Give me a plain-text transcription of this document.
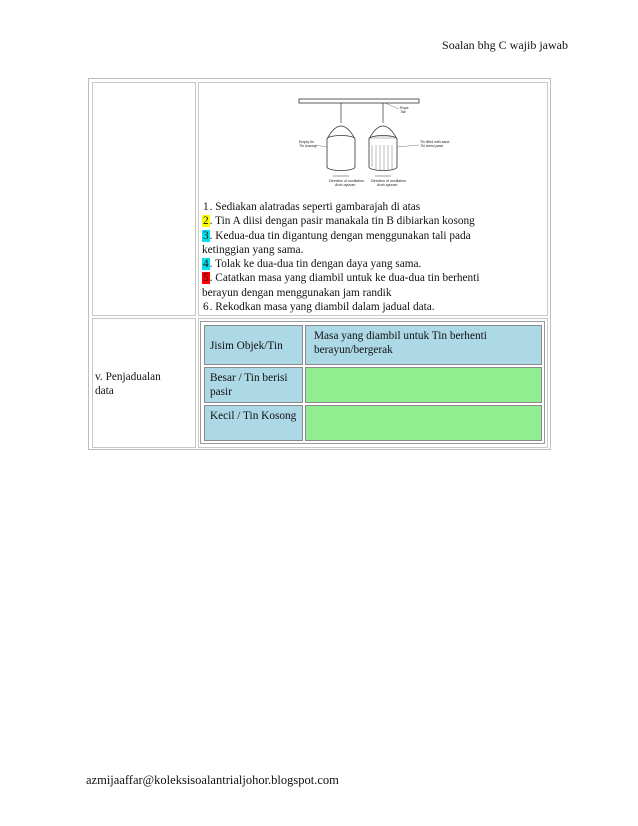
Soalan bhg C wajib jawab
Rope
Tali
Empty tin
Tin kosong
Tin filled with sand
Tin berisi pasir
Direction of oscillation
Arah ayunan
Direction of oscillation
Arah ayunan
1. Sediakan alatradas seperti gambarajah di atas
2. Tin A diisi dengan pasir manakala tin B dibiarkan kosong
3. Kedua-dua tin digantung dengan menggunakan tali pada
ketinggian yang sama.
4. Tolak ke dua-dua tin dengan daya yang sama.
5. Catatkan masa yang diambil untuk ke dua-dua tin berhenti
berayun dengan menggunakan jam randik
6. Rekodkan masa yang diambil dalam jadual data.
v. Penjadualan
data
Jisim Objek/Tin
Masa yang diambil untuk Tin berhenti berayun/bergerak
Besar / Tin berisi pasir
Kecil / Tin Kosong
azmijaaffar@koleksisoalantrialjohor.blogspot.com
